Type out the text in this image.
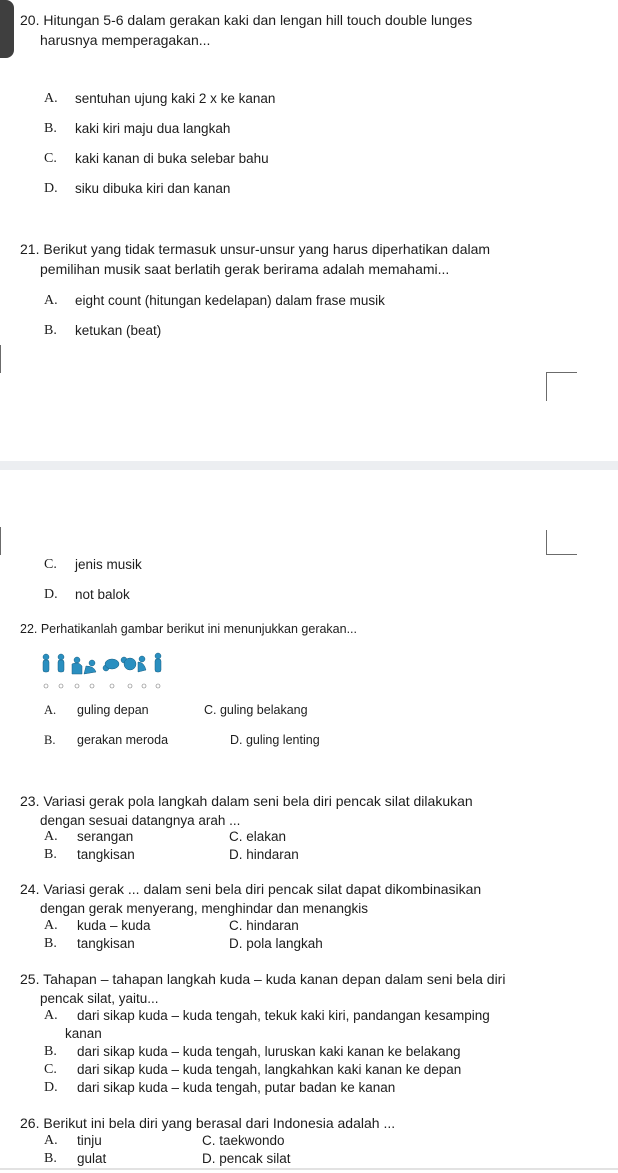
20. Hitungan 5-6 dalam gerakan kaki dan lengan hill touch double lunges
harusnya memperagakan...
A. sentuhan ujung kaki 2 x ke kanan
B. kaki kiri maju dua langkah
C. kaki kanan di buka selebar bahu
D. siku dibuka kiri dan kanan
21. Berikut yang tidak termasuk unsur-unsur yang harus diperhatikan dalam
pemilihan musik saat berlatih gerak berirama adalah memahami...
A. eight count (hitungan kedelapan) dalam frase musik
B. ketukan (beat)
C. jenis musik
D. not balok
22. Perhatikanlah gambar berikut ini menunjukkan gerakan...
A. guling depan	C. guling belakang
B. gerakan meroda	D. guling lenting
23. Variasi gerak pola langkah dalam seni bela diri pencak silat dilakukan
dengan sesuai datangnya arah ...
A. serangan	C. elakan
B. tangkisan	D. hindaran
24. Variasi gerak ... dalam seni bela diri pencak silat dapat dikombinasikan
dengan gerak menyerang, menghindar dan menangkis
A. kuda – kuda	C. hindaran
B. tangkisan	D. pola langkah
25. Tahapan – tahapan langkah kuda – kuda kanan depan dalam seni bela diri
pencak silat, yaitu...
A. dari sikap kuda – kuda tengah, tekuk kaki kiri, pandangan kesamping
kanan
B. dari sikap kuda – kuda tengah, luruskan kaki kanan ke belakang
C. dari sikap kuda – kuda tengah, langkahkan kaki kanan ke depan
D. dari sikap kuda – kuda tengah, putar badan ke kanan
26. Berikut ini bela diri yang berasal dari Indonesia adalah ...
A. tinju	C. taekwondo
B. gulat	D. pencak silat
